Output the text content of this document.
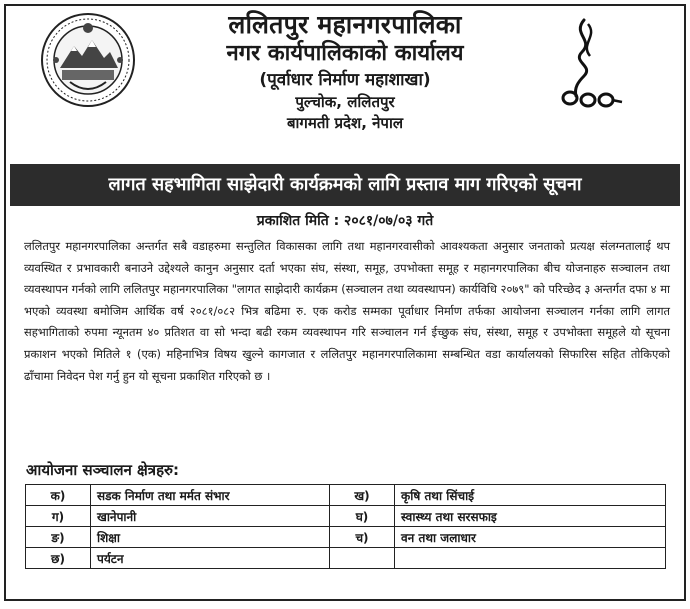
ललितपुर महानगरपालिका
नगर कार्यपालिकाको कार्यालय
(पूर्वाधार निर्माण महाशाखा)
पुल्चोक, ललितपुर
बागमती प्रदेश, नेपाल
लागत सहभागिता साझेदारी कार्यक्रमको लागि प्रस्ताव माग गरिएको सूचना
प्रकाशित मिति : २०८१/०७/०३ गते
ललितपुर महानगरपालिका अन्तर्गत सबै वडाहरुमा सन्तुलित विकासका लागि तथा महानगरवासीको आवश्यकता अनुसार जनताको प्रत्यक्ष संलग्नतालाई थप व्यवस्थित र प्रभावकारी बनाउने उद्देश्यले कानुन अनुसार दर्ता भएका संघ, संस्था, समूह, उपभोक्ता समूह र महानगरपालिका बीच योजनाहरु सञ्चालन तथा व्यवस्थापन गर्नको लागि ललितपुर महानगरपालिका "लागत साझेदारी कार्यक्रम (सञ्चालन तथा व्यवस्थापन) कार्यविधि २०७९" को परिच्छेद ३ अन्तर्गत दफा ४ मा भएको व्यवस्था बमोजिम आर्थिक वर्ष २०८१/०८२ भित्र बढिमा रु. एक करोड सम्मका पूर्वाधार निर्माण तर्फका आयोजना सञ्चालन गर्नका लागि लागत सहभागिताको रुपमा न्यूनतम ४० प्रतिशत वा सो भन्दा बढी रकम व्यवस्थापन गरि सञ्चालन गर्न ईच्छुक संघ, संस्था, समूह र उपभोक्ता समूहले यो सूचना प्रकाशन भएको मितिले १ (एक) महिनाभित्र विषय खुल्ने कागजात र ललितपुर महानगरपालिकामा सम्बन्धित वडा कार्यालयको सिफारिस सहित तोकिएको ढाँचामा निवेदन पेश गर्नु हुन यो सूचना प्रकाशित गरिएको छ ।
आयोजना सञ्चालन क्षेत्रहरु:
क)	सडक निर्माण तथा मर्मत संभार	ख)	कृषि तथा सिंचाई
ग)	खानेपानी	घ)	स्वास्थ्य तथा सरसफाइ
ङ)	शिक्षा	च)	वन तथा जलाधार
छ)	पर्यटन		
